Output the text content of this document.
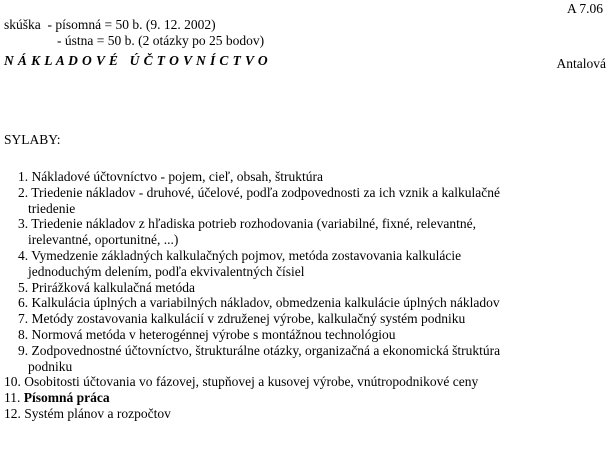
A 7.06
skúška  - písomná = 50 b. (9. 12. 2002)
- ústna = 50 b. (2 otázky po 25 bodov)
N Á K L A D O V É   Ú Č T O V N Í C T V O	Antalová
SYLABY:
1. Nákladové účtovníctvo - pojem, cieľ, obsah, štruktúra
2. Triedenie nákladov - druhové, účelové, podľa zodpovednosti za ich vznik a kalkulačné
triedenie
3. Triedenie nákladov z hľadiska potrieb rozhodovania (variabilné, fixné, relevantné,
irelevantné, oportunitné, ...)
4. Vymedzenie základných kalkulačných pojmov, metóda zostavovania kalkulácie
jednoduchým delením, podľa ekvivalentných čísiel
5. Prirážková kalkulačná metóda
6. Kalkulácia úplných a variabilných nákladov, obmedzenia kalkulácie úplných nákladov
7. Metódy zostavovania kalkulácií v združenej výrobe, kalkulačný systém podniku
8. Normová metóda v heterogénnej výrobe s montážnou technológiou
9. Zodpovednostné účtovníctvo, štrukturálne otázky, organizačná a ekonomická štruktúra
podniku
10. Osobitosti účtovania vo fázovej, stupňovej a kusovej výrobe, vnútropodnikové ceny
11. Písomná práca
12. Systém plánov a rozpočtov
